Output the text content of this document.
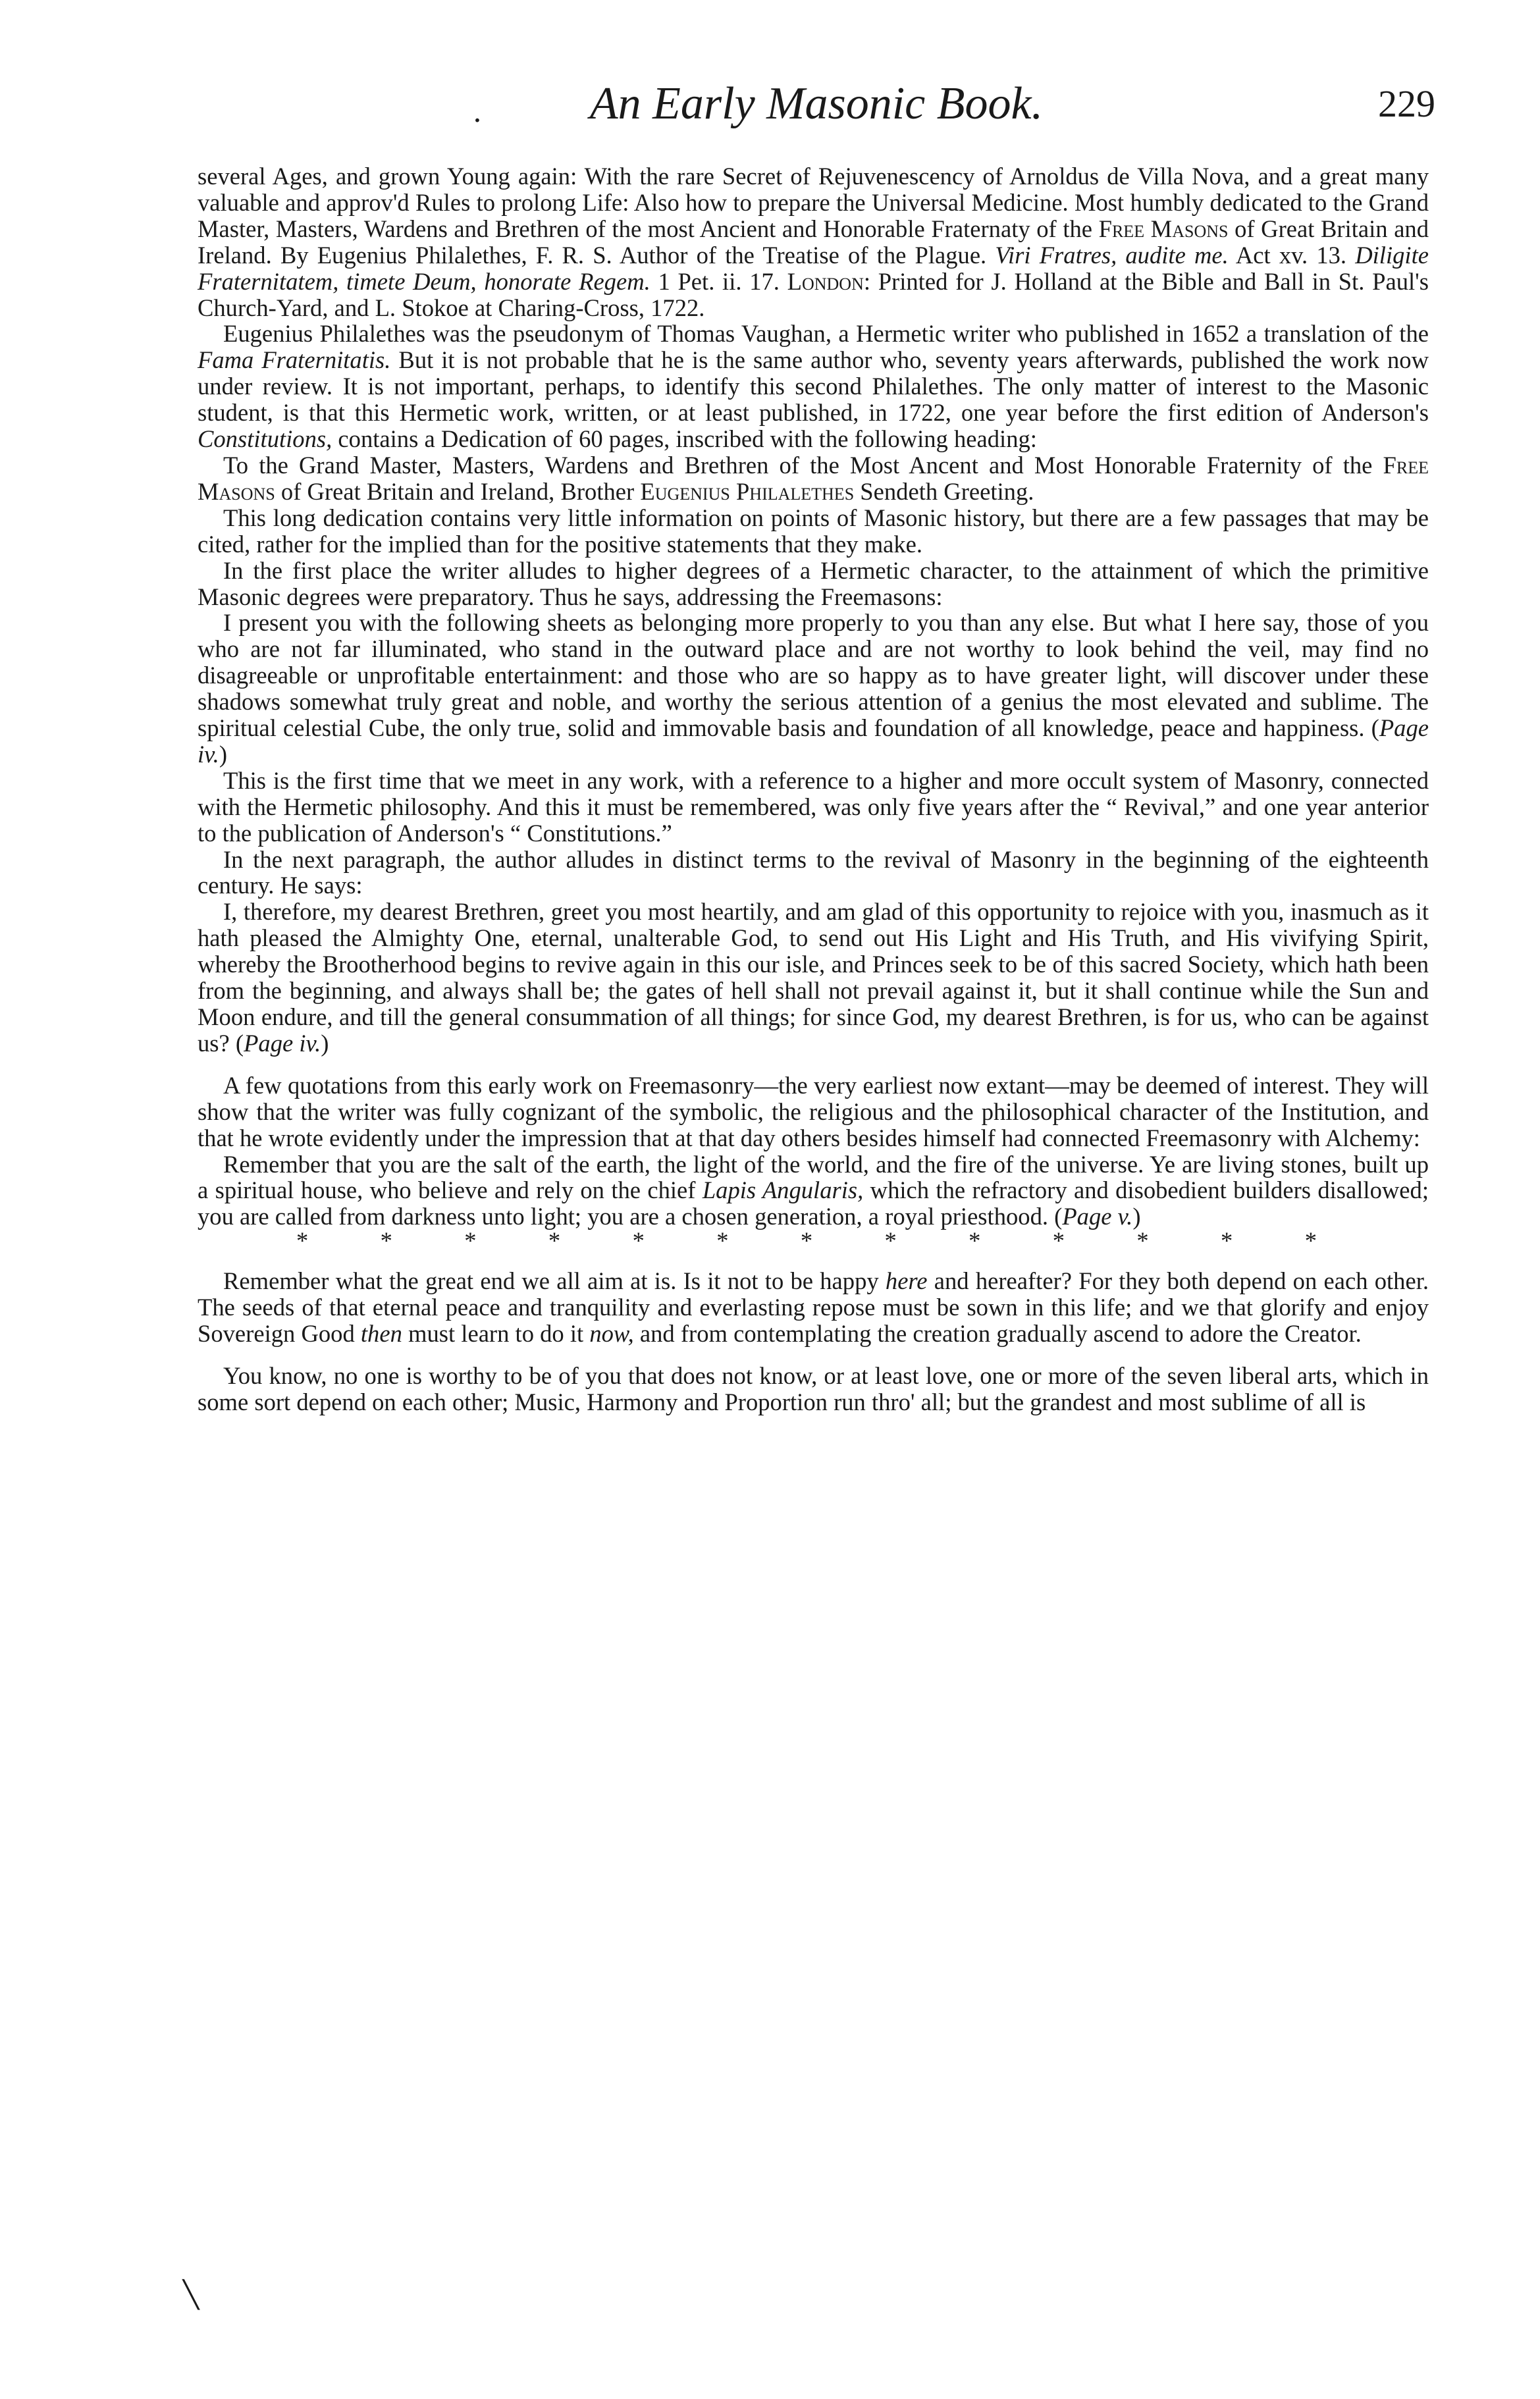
·	An Early Masonic Book.	229

several Ages, and grown Young again: With the rare Secret of Rejuvenescency of Arnoldus de Villa Nova, and a great many valuable and approv'd Rules to prolong Life: Also how to prepare the Universal Medicine. Most humbly dedicated to the Grand Master, Masters, Wardens and Brethren of the most Ancient and Honorable Fraternaty of the Free Masons of Great Britain and Ireland. By Eugenius Philalethes, F. R. S. Author of the Treatise of the Plague. Viri Fratres, audite me. Act xv. 13. Diligite Fraternitatem, timete Deum, honorate Regem. 1 Pet. ii. 17. London: Printed for J. Holland at the Bible and Ball in St. Paul's Church-Yard, and L. Stokoe at Charing-Cross, 1722.

Eugenius Philalethes was the pseudonym of Thomas Vaughan, a Hermetic writer who published in 1652 a translation of the Fama Fraternitatis. But it is not probable that he is the same author who, seventy years afterwards, published the work now under review. It is not important, perhaps, to identify this second Philalethes. The only matter of interest to the Masonic student, is that this Hermetic work, written, or at least published, in 1722, one year before the first edition of Anderson's Constitutions, contains a Dedication of 60 pages, inscribed with the following heading:

To the Grand Master, Masters, Wardens and Brethren of the Most Ancent and Most Honorable Fraternity of the Free Masons of Great Britain and Ireland, Brother Eugenius Philalethes Sendeth Greeting.

This long dedication contains very little information on points of Masonic history, but there are a few passages that may be cited, rather for the implied than for the positive statements that they make.

In the first place the writer alludes to higher degrees of a Hermetic character, to the attainment of which the primitive Masonic degrees were preparatory. Thus he says, addressing the Freemasons:

I present you with the following sheets as belonging more properly to you than any else. But what I here say, those of you who are not far illuminated, who stand in the outward place and are not worthy to look behind the veil, may find no disagreeable or unprofitable entertainment: and those who are so happy as to have greater light, will discover under these shadows somewhat truly great and noble, and worthy the serious attention of a genius the most elevated and sublime. The spiritual celestial Cube, the only true, solid and immovable basis and foundation of all knowledge, peace and happiness. (Page iv.)

This is the first time that we meet in any work, with a reference to a higher and more occult system of Masonry, connected with the Hermetic philosophy. And this it must be remembered, was only five years after the “ Revival,” and one year anterior to the publication of Anderson's “ Constitutions.”

In the next paragraph, the author alludes in distinct terms to the revival of Masonry in the beginning of the eighteenth century. He says:

I, therefore, my dearest Brethren, greet you most heartily, and am glad of this opportunity to rejoice with you, inasmuch as it hath pleased the Almighty One, eternal, unalterable God, to send out His Light and His Truth, and His vivifying Spirit, whereby the Brootherhood begins to revive again in this our isle, and Princes seek to be of this sacred Society, which hath been from the beginning, and always shall be; the gates of hell shall not prevail against it, but it shall continue while the Sun and Moon endure, and till the general consummation of all things; for since God, my dearest Brethren, is for us, who can be against us? (Page iv.)

A few quotations from this early work on Freemasonry—the very earliest now extant—may be deemed of interest. They will show that the writer was fully cognizant of the symbolic, the religious and the philosophical character of the Institution, and that he wrote evidently under the impression that at that day others besides himself had connected Freemasonry with Alchemy:

Remember that you are the salt of the earth, the light of the world, and the fire of the universe. Ye are living stones, built up a spiritual house, who believe and rely on the chief Lapis Angularis, which the refractory and disobedient builders disallowed; you are called from darkness unto light; you are a chosen generation, a royal priesthood. (Page v.)

*	*	*	*	*	*	*	*	*	*	*	*	*

Remember what the great end we all aim at is. Is it not to be happy here and hereafter? For they both depend on each other. The seeds of that eternal peace and tranquility and everlasting repose must be sown in this life; and we that glorify and enjoy Sovereign Good then must learn to do it now, and from contemplating the creation gradually ascend to adore the Creator.

You know, no one is worthy to be of you that does not know, or at least love, one or more of the seven liberal arts, which in some sort depend on each other; Music, Harmony and Proportion run thro' all; but the grandest and most sublime of all is

╲
